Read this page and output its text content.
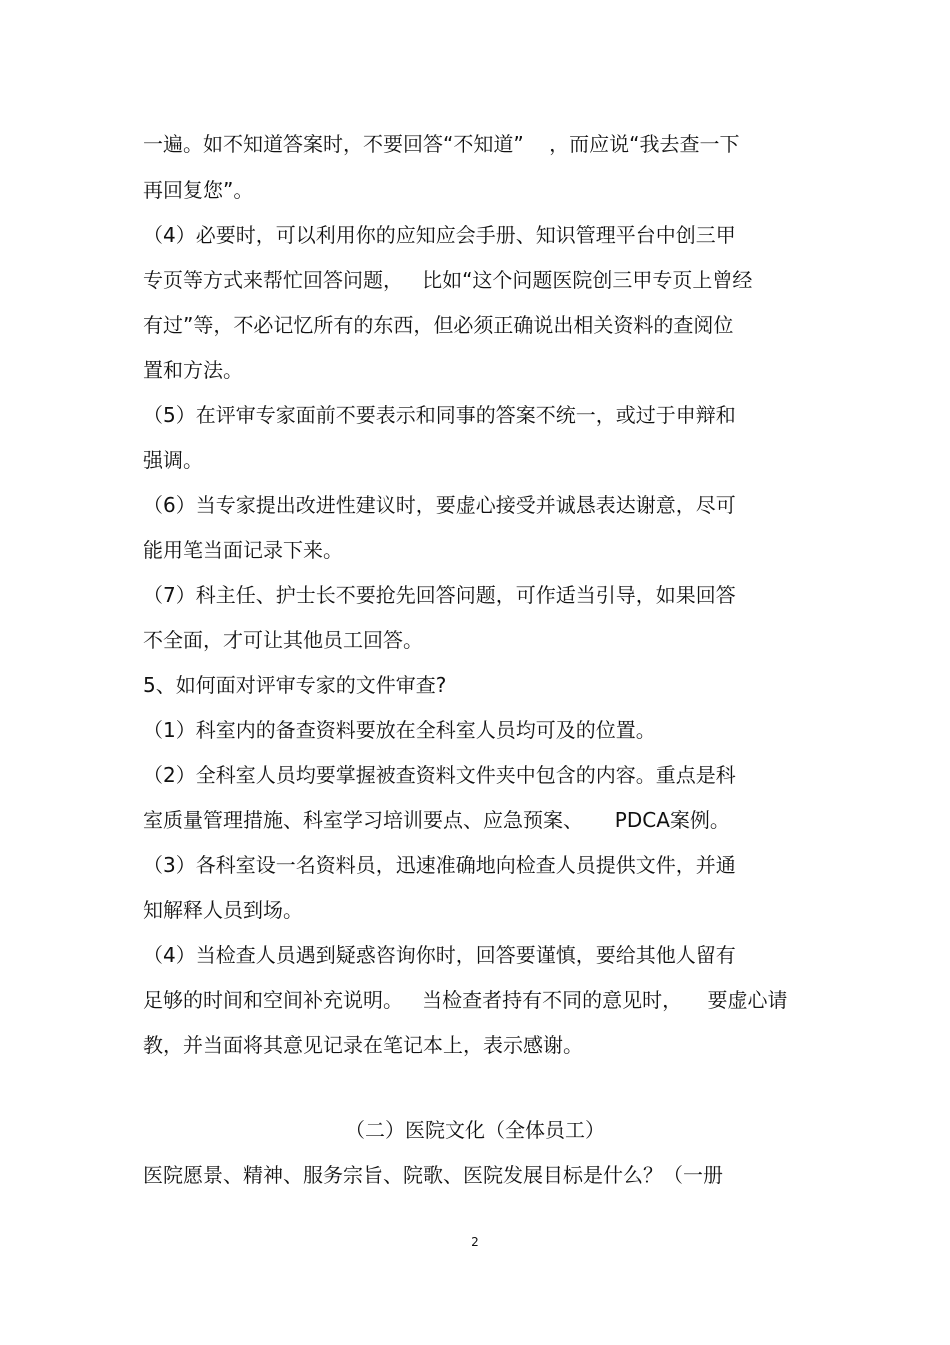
一遍。如不知道答案时，不要回答“不知道”    ，而应说“我去查一下
再回复您”。
（4）必要时，可以利用你的应知应会手册、知识管理平台中创三甲
专页等方式来帮忙回答问题，   比如“这个问题医院创三甲专页上曾经
有过”等，不必记忆所有的东西，但必须正确说出相关资料的查阅位
置和方法。
（5）在评审专家面前不要表示和同事的答案不统一，或过于申辩和
强调。
（6）当专家提出改进性建议时，要虚心接受并诚恳表达谢意，尽可
能用笔当面记录下来。
（7）科主任、护士长不要抢先回答问题，可作适当引导，如果回答
不全面，才可让其他员工回答。
5、如何面对评审专家的文件审查?
（1）科室内的备查资料要放在全科室人员均可及的位置。
（2）全科室人员均要掌握被查资料文件夹中包含的内容。重点是科
室质量管理措施、科室学习培训要点、应急预案、     PDCA案例。
（3）各科室设一名资料员，迅速准确地向检查人员提供文件，并通
知解释人员到场。
（4）当检查人员遇到疑惑咨询你时，回答要谨慎，要给其他人留有
足够的时间和空间补充说明。   当检查者持有不同的意见时，    要虚心请
教，并当面将其意见记录在笔记本上，表示感谢。
（二）医院文化（全体员工）
医院愿景、精神、服务宗旨、院歌、医院发展目标是什么？（一册
2
